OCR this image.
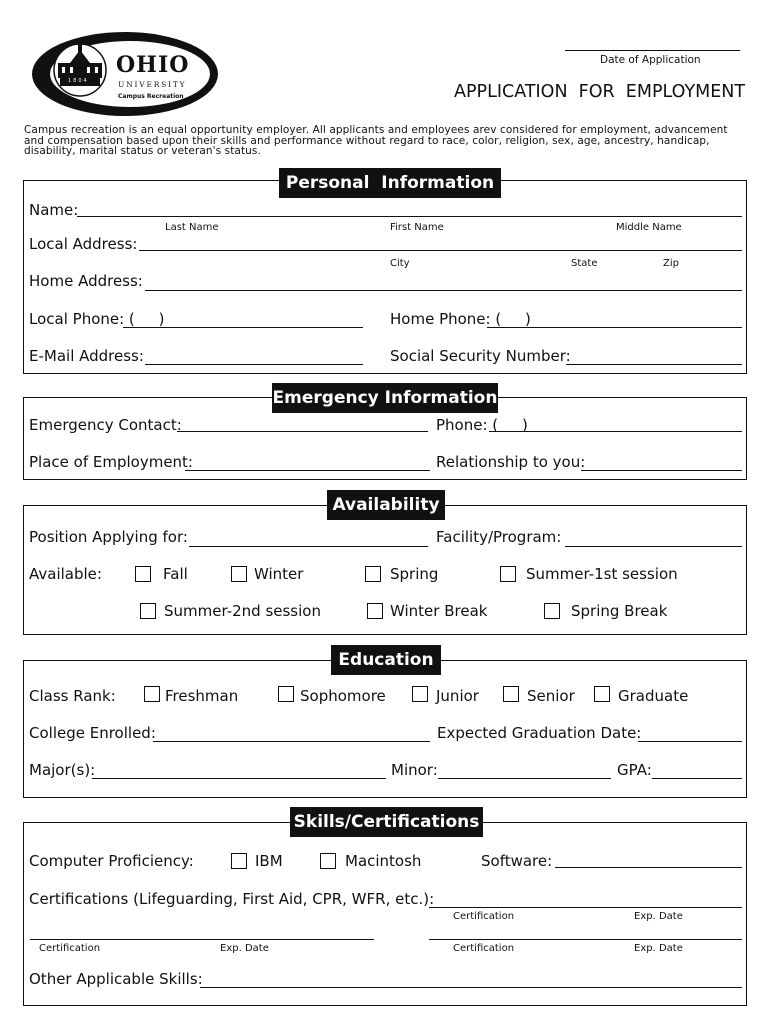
1804
OHIO
UNIVERSITY
Campus Recreation
Date of Application
APPLICATION  FOR  EMPLOYMENT
Campus recreation is an equal opportunity employer. All applicants and employees arev considered for employment, advancement and compensation based upon their skills and performance without regard to race, color, religion, sex, age, ancestry, handicap, disability, marital status or veteran's status.
Personal  Information
Name:
Last Name	First Name	Middle Name
Local Address:
City	State	Zip
Home Address:
Local Phone: (     )	Home Phone: (     )
E-Mail Address:	Social Security Number:
Emergency Information
Emergency Contact:	Phone: (     )
Place of Employment:	Relationship to you:
Availability
Position Applying for:	Facility/Program:
Available:	Fall	Winter	Spring	Summer-1st session
Summer-2nd session	Winter Break	Spring Break
Education
Class Rank:	Freshman	Sophomore	Junior	Senior	Graduate
College Enrolled:	Expected Graduation Date:
Major(s):	Minor:	GPA:
Skills/Certifications
Computer Proficiency:	IBM	Macintosh	Software:
Certifications (Lifeguarding, First Aid, CPR, WFR, etc.):
Certification	Exp. Date
Certification	Exp. Date	Certification	Exp. Date
Other Applicable Skills:
